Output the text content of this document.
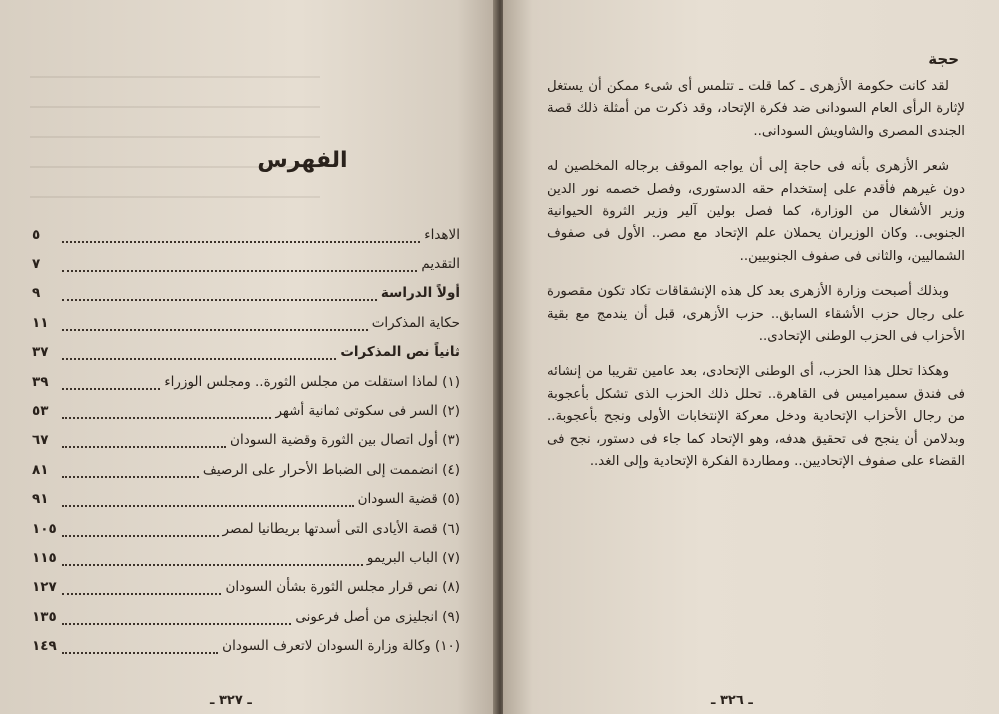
الفهرس
الاهداء
٥
التقديم
٧
أولاً الدراسة
٩
حكاية المذكرات
١١
ثانياً نص المذكرات
٣٧
(١) لماذا استقلت من مجلس الثورة.. ومجلس الوزراء
٣٩
(٢) السر فى سكوتى ثمانية أشهر
٥٣
(٣) أول اتصال بين الثورة وقضية السودان
٦٧
(٤) انضممت إلى الضباط الأحرار على الرصيف
٨١
(٥) قضية السودان
٩١
(٦) قصة الأيادى التى أسدتها بريطانيا لمصر
١٠٥
(٧) الباب البريمو
١١٥
(٨) نص قرار مجلس الثورة بشأن السودان
١٢٧
(٩) انجليزى من أصل فرعونى
١٣٥
(١٠) وكالة وزارة السودان لاتعرف السودان
١٤٩
ـ ٣٢٧ ـ
حجة

لقد كانت حكومة الأزهرى ـ كما قلت ـ تتلمس أى شىء ممكن أن يستغل لإثارة الرأى العام السودانى ضد فكرة الإتحاد، وقد ذكرت من أمثلة ذلك قصة الجندى المصرى والشاويش السودانى..

شعر الأزهرى بأنه فى حاجة إلى أن يواجه الموقف برجاله المخلصين له دون غيرهم فأقدم على إستخدام حقه الدستورى، وفصل خصمه نور الدين وزير الأشغال من الوزارة، كما فصل بولين آلير وزير الثروة الحيوانية الجنوبى.. وكان الوزيران يحملان علم الإتحاد مع مصر.. الأول فى صفوف الشماليين، والثانى فى صفوف الجنوبيين..

وبذلك أصبحت وزارة الأزهرى بعد كل هذه الإنشقاقات تكاد تكون مقصورة على رجال حزب الأشقاء السابق.. حزب الأزهرى، قبل أن يندمج مع بقية الأحزاب فى الحزب الوطنى الإتحادى..

وهكذا تحلل هذا الحزب، أى الوطنى الإتحادى، بعد عامين تقريبا من إنشائه فى فندق سميراميس فى القاهرة.. تحلل ذلك الحزب الذى تشكل بأعجوبة من رجال الأحزاب الإتحادية ودخل معركة الإنتخابات الأولى ونجح بأعجوبة.. وبدلامن أن ينجح فى تحقيق هدفه، وهو الإتحاد كما جاء فى دستور، نجح فى القضاء على صفوف الإتحاديين.. ومطاردة الفكرة الإتحادية وإلى الغد..

ـ ٣٢٦ ـ
